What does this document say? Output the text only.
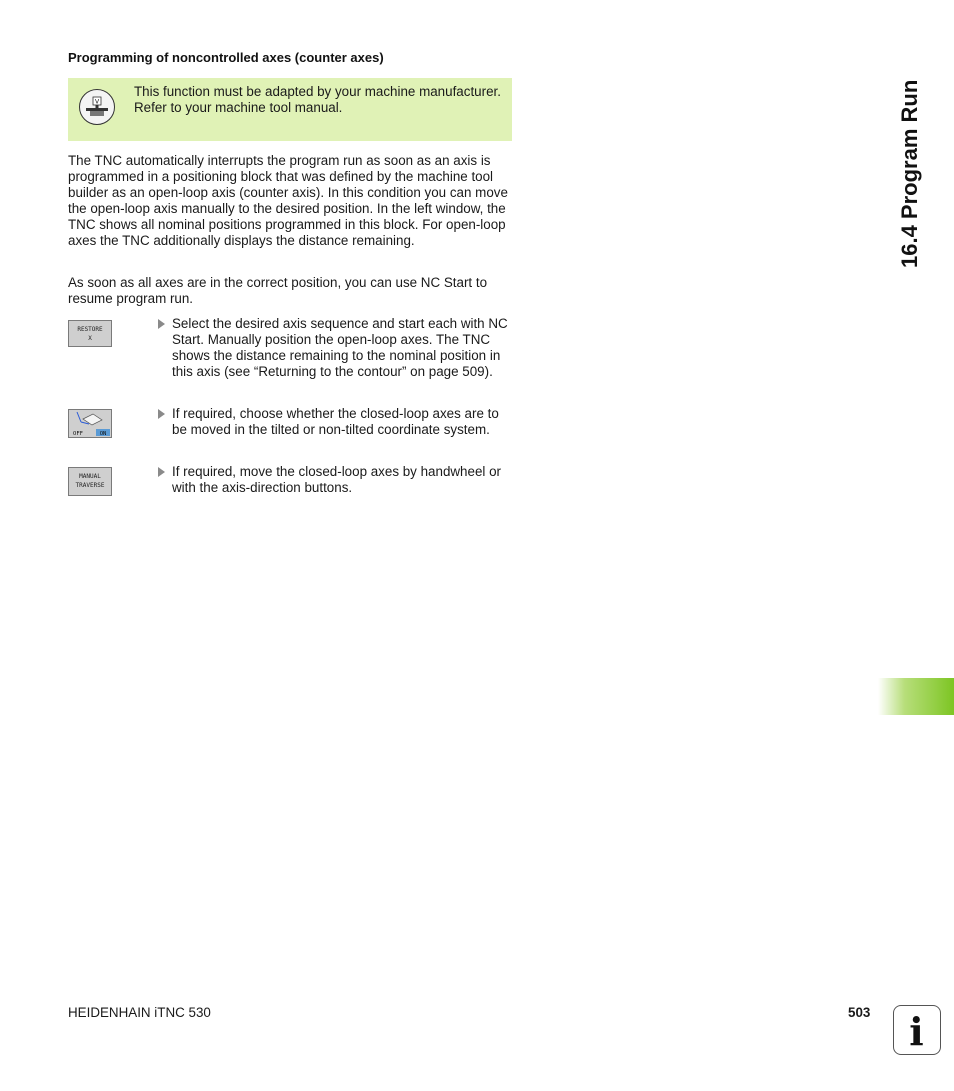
Programming of noncontrolled axes (counter axes)
V
This function must be adapted by your machine manufacturer. Refer to your machine tool manual.

The TNC automatically interrupts the program run as soon as an axis is programmed in a positioning block that was defined by the machine tool builder as an open-loop axis (counter axis). In this condition you can move the open-loop axis manually to the desired position. In the left window, the TNC shows all nominal positions programmed in this block. For open-loop axes the TNC additionally displays the distance remaining.

As soon as all axes are in the correct position, you can use NC Start to resume program run.

RESTORE
X
Select the desired axis sequence and start each with NC Start. Manually position the open-loop axes. The TNC shows the distance remaining to the nominal position in this axis (see “Returning to the contour” on page 509).
OFF	ON
If required, choose whether the closed-loop axes are to be moved in the tilted or non-tilted coordinate system.
MANUAL
TRAVERSE
If required, move the closed-loop axes by handwheel or with the axis-direction buttons.
16.4 Program Run
HEIDENHAIN iTNC 530	503 i
